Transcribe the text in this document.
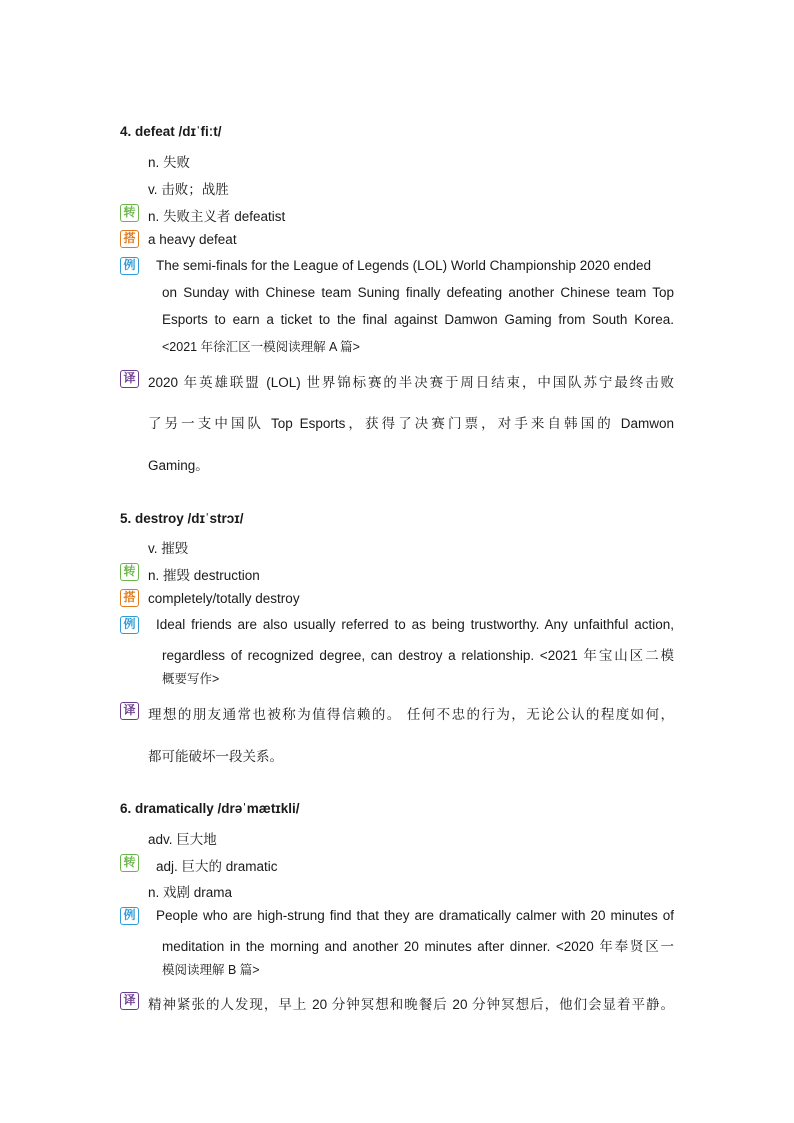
4. defeat /dɪˈfiːt/
n. 失败
v. 击败；战胜
转 n. 失败主义者 defeatist
搭 a heavy defeat
例 The semi-finals for the League of Legends (LOL) World Championship 2020 ended
on Sunday with Chinese team Suning finally defeating another Chinese team Top
Esports to earn a ticket to the final against Damwon Gaming from South Korea.
<2021 年徐汇区一模阅读理解 A 篇>
译 2020 年英雄联盟 (LOL) 世界锦标赛的半决赛于周日结束，中国队苏宁最终击败
了另一支中国队 Top Esports，获得了决赛门票，对手来自韩国的 Damwon
Gaming。
5. destroy /dɪˈstrɔɪ/
v. 摧毁
转 n. 摧毁 destruction
搭 completely/totally destroy
例 Ideal friends are also usually referred to as being trustworthy. Any unfaithful action,
regardless of recognized degree, can destroy a relationship. <2021 年宝山区二模
概要写作>
译 理想的朋友通常也被称为值得信赖的。 任何不忠的行为，无论公认的程度如何，
都可能破坏一段关系。
6. dramatically /drəˈmætɪkli/
adv. 巨大地
转 adj. 巨大的 dramatic
n. 戏剧 drama
例 People who are high-strung find that they are dramatically calmer with 20 minutes of
meditation in the morning and another 20 minutes after dinner. <2020 年奉贤区一
模阅读理解 B 篇>
译 精神紧张的人发现，早上 20 分钟冥想和晚餐后 20 分钟冥想后，他们会显着平静。
